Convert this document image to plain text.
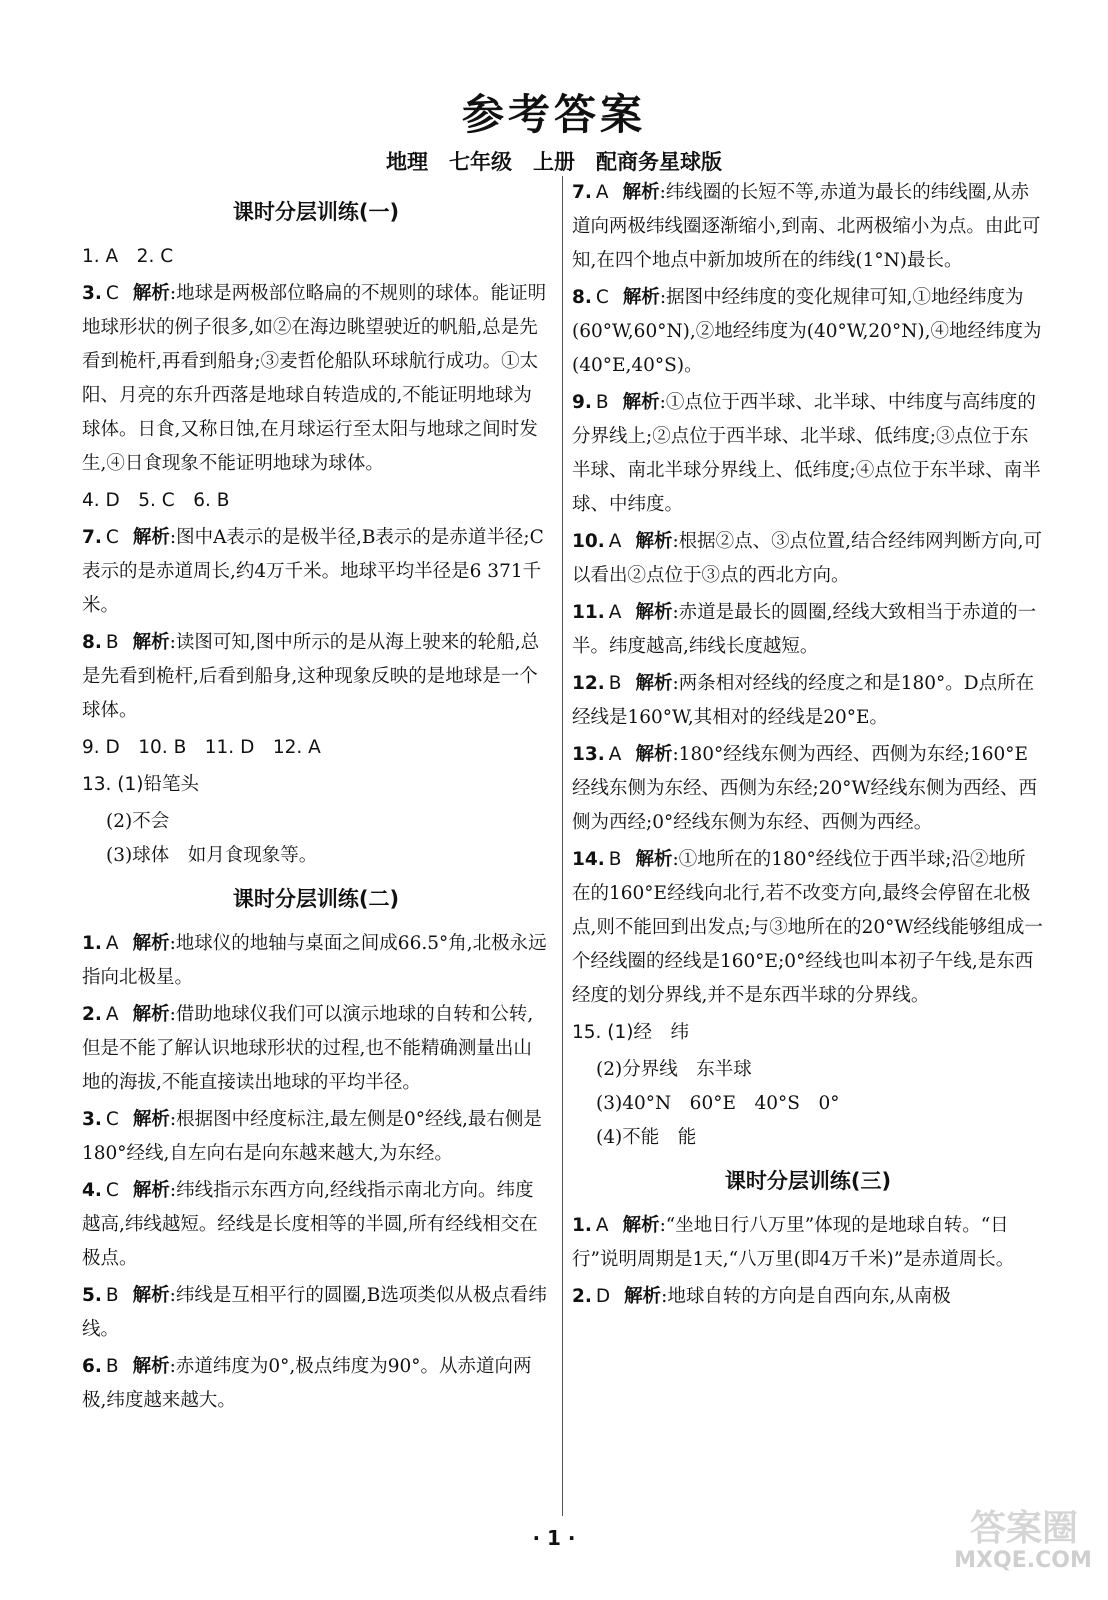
参考答案
地理　七年级　上册　配商务星球版
课时分层训练(一)
1. A　2. C
3. C 解析:地球是两极部位略扁的不规则的球体。能证明地球形状的例子很多,如②在海边眺望驶近的帆船,总是先看到桅杆,再看到船身;③麦哲伦船队环球航行成功。①太阳、月亮的东升西落是地球自转造成的,不能证明地球为球体。日食,又称日蚀,在月球运行至太阳与地球之间时发生,④日食现象不能证明地球为球体。
4. D　5. C　6. B
7. C 解析:图中A表示的是极半径,B表示的是赤道半径;C表示的是赤道周长,约4万千米。地球平均半径是6 371千米。
8. B 解析:读图可知,图中所示的是从海上驶来的轮船,总是先看到桅杆,后看到船身,这种现象反映的是地球是一个球体。
9. D　10. B　11. D　12. A
13. (1)铅笔头
(2)不会
(3)球体　如月食现象等。
课时分层训练(二)
1. A 解析:地球仪的地轴与桌面之间成66.5°角,北极永远指向北极星。
2. A 解析:借助地球仪我们可以演示地球的自转和公转,但是不能了解认识地球形状的过程,也不能精确测量出山地的海拔,不能直接读出地球的平均半径。
3. C 解析:根据图中经度标注,最左侧是0°经线,最右侧是180°经线,自左向右是向东越来越大,为东经。
4. C 解析:纬线指示东西方向,经线指示南北方向。纬度越高,纬线越短。经线是长度相等的半圆,所有经线相交在极点。
5. B 解析:纬线是互相平行的圆圈,B选项类似从极点看纬线。
6. B 解析:赤道纬度为0°,极点纬度为90°。从赤道向两极,纬度越来越大。
7. A 解析:纬线圈的长短不等,赤道为最长的纬线圈,从赤道向两极纬线圈逐渐缩小,到南、北两极缩小为点。由此可知,在四个地点中新加坡所在的纬线(1°N)最长。
8. C 解析:据图中经纬度的变化规律可知,①地经纬度为(60°W,60°N),②地经纬度为(40°W,20°N),④地经纬度为(40°E,40°S)。
9. B 解析:①点位于西半球、北半球、中纬度与高纬度的分界线上;②点位于西半球、北半球、低纬度;③点位于东半球、南北半球分界线上、低纬度;④点位于东半球、南半球、中纬度。
10. A 解析:根据②点、③点位置,结合经纬网判断方向,可以看出②点位于③点的西北方向。
11. A 解析:赤道是最长的圆圈,经线大致相当于赤道的一半。纬度越高,纬线长度越短。
12. B 解析:两条相对经线的经度之和是180°。D点所在经线是160°W,其相对的经线是20°E。
13. A 解析:180°经线东侧为西经、西侧为东经;160°E经线东侧为东经、西侧为东经;20°W经线东侧为西经、西侧为西经;0°经线东侧为东经、西侧为西经。
14. B 解析:①地所在的180°经线位于西半球;沿②地所在的160°E经线向北行,若不改变方向,最终会停留在北极点,则不能回到出发点;与③地所在的20°W经线能够组成一个经线圈的经线是160°E;0°经线也叫本初子午线,是东西经度的划分界线,并不是东西半球的分界线。
15. (1)经　纬
(2)分界线　东半球
(3)40°N　60°E　40°S　0°
(4)不能　能
课时分层训练(三)
1. A 解析:“坐地日行八万里”体现的是地球自转。“日行”说明周期是1天,“八万里(即4万千米)”是赤道周长。
2. D 解析:地球自转的方向是自西向东,从南极
· 1 ·	答案圈
MXQE.COM
